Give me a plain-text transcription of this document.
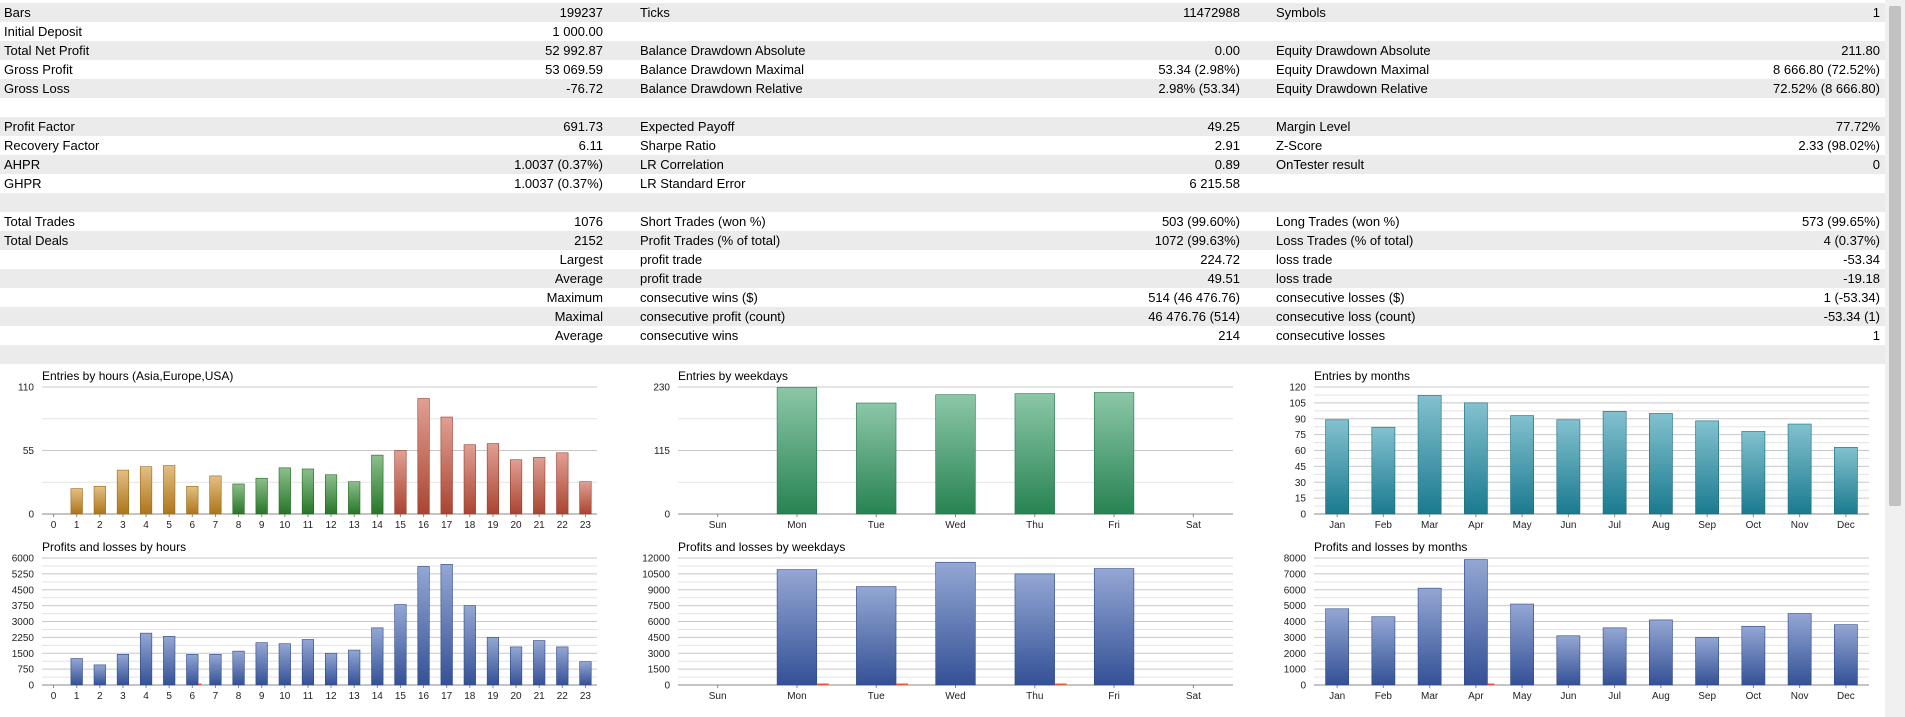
Bars	199237	Ticks	11472988	Symbols	1
Initial Deposit	1 000.00
Total Net Profit	52 992.87	Balance Drawdown Absolute	0.00	Equity Drawdown Absolute	211.80
Gross Profit	53 069.59	Balance Drawdown Maximal	53.34 (2.98%)	Equity Drawdown Maximal	8 666.80 (72.52%)
Gross Loss	-76.72	Balance Drawdown Relative	2.98% (53.34)	Equity Drawdown Relative	72.52% (8 666.80)
Profit Factor	691.73	Expected Payoff	49.25	Margin Level	77.72%
Recovery Factor	6.11	Sharpe Ratio	2.91	Z-Score	2.33 (98.02%)
AHPR	1.0037 (0.37%)	LR Correlation	0.89	OnTester result	0
GHPR	1.0037 (0.37%)	LR Standard Error	6 215.58
Total Trades	1076	Short Trades (won %)	503 (99.60%)	Long Trades (won %)	573 (99.65%)
Total Deals	2152	Profit Trades (% of total)	1072 (99.63%)	Loss Trades (% of total)	4 (0.37%)
Largest	profit trade	224.72	loss trade	-53.34
Average	profit trade	49.51	loss trade	-19.18
Maximum	consecutive wins ($)	514 (46 476.76)	consecutive losses ($)	1 (-53.34)
Maximal	consecutive profit (count)	46 476.76 (514)	consecutive loss (count)	-53.34 (1)
Average	consecutive wins	214	consecutive losses	1
Entries by hours (Asia,Europe,USA)
0
55
110
0 1 2 3 4 5 6 7 8 9 10 11 12 13 14 15 16 17 18 19 20 21 22 23
Entries by weekdays
0
115
230
Sun	Mon	Tue	Wed	Thu	Fri	Sat
Entries by months
0
15
30
45
60
75
90
105
120
Jan	Feb	Mar	Apr	May	Jun	Jul	Aug	Sep	Oct	Nov	Dec
Profits and losses by hours
0
750
1500
2250
3000
3750
4500
5250
6000
0 1 2 3 4 5 6 7 8 9 10 11 12 13 14 15 16 17 18 19 20 21 22 23
Profits and losses by weekdays
0
1500
3000
4500
6000
7500
9000
10500
12000
Sun	Mon	Tue	Wed	Thu	Fri	Sat
Profits and losses by months
0
1000
2000
3000
4000
5000
6000
7000
8000
Jan	Feb	Mar	Apr	May	Jun	Jul	Aug	Sep	Oct	Nov	Dec
